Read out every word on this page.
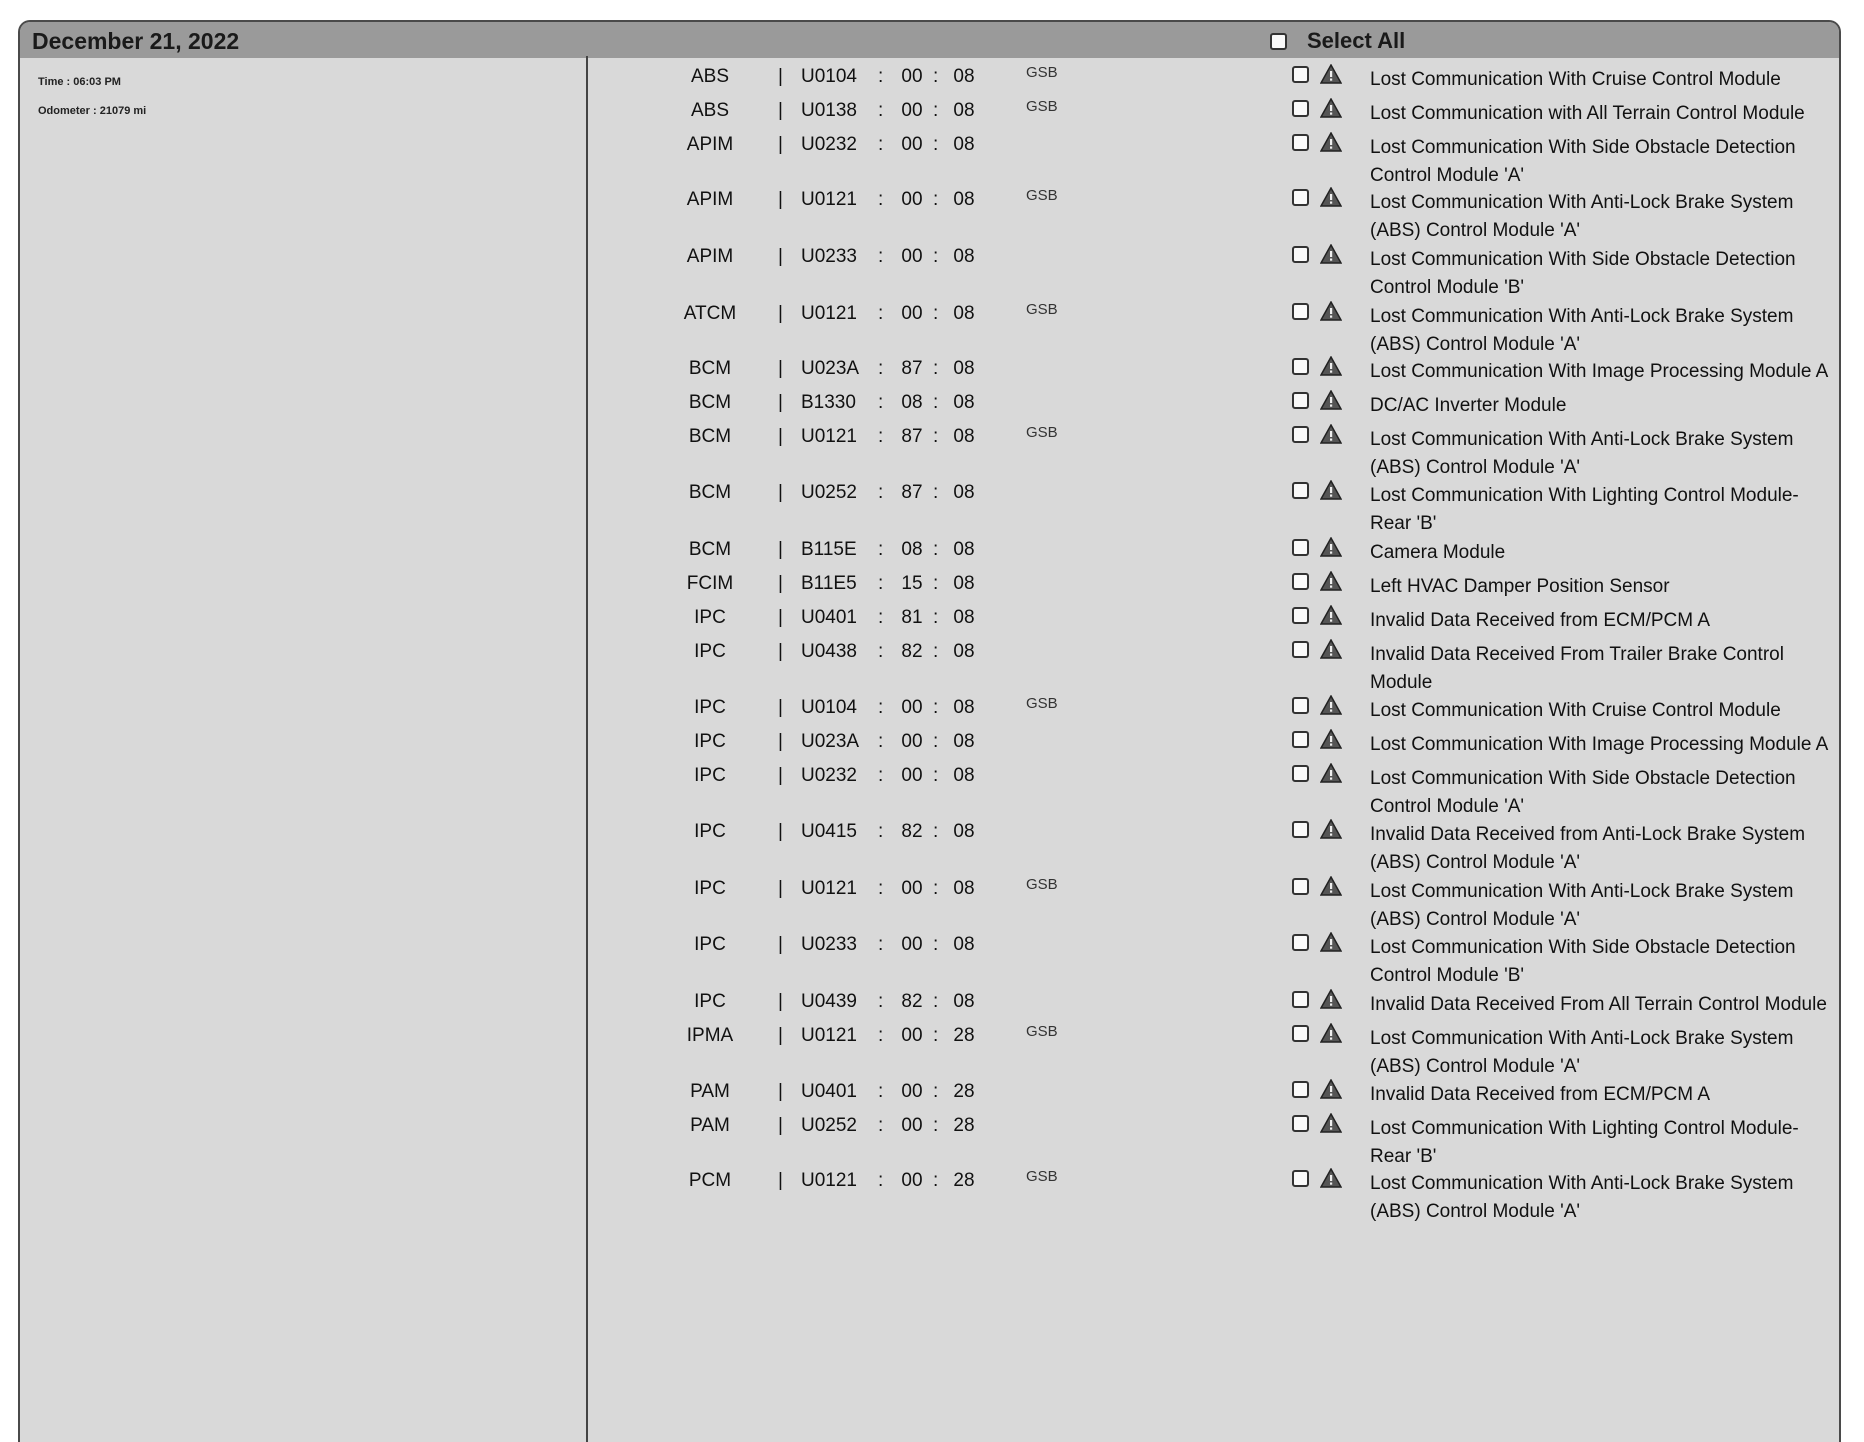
December 21, 2022	Select All
Time : 06:03 PM
Odometer : 21079 mi
ABS	| U0104	: 00 : 08	GSB	Lost Communication With Cruise Control Module
ABS	| U0138	: 00 : 08	GSB	Lost Communication with All Terrain Control Module
APIM	| U0232	: 00 : 08	Lost Communication With Side Obstacle Detection Control Module 'A'
APIM	| U0121	: 00 : 08	GSB	Lost Communication With Anti-Lock Brake System (ABS) Control Module 'A'
APIM	| U0233	: 00 : 08	Lost Communication With Side Obstacle Detection Control Module 'B'
ATCM	| U0121	: 00 : 08	GSB	Lost Communication With Anti-Lock Brake System (ABS) Control Module 'A'
BCM	| U023A : 87 : 08	Lost Communication With Image Processing Module A
BCM	| B1330	: 08 : 08	DC/AC Inverter Module
BCM	| U0121	: 87 : 08	GSB	Lost Communication With Anti-Lock Brake System (ABS) Control Module 'A'
BCM	| U0252	: 87 : 08	Lost Communication With Lighting Control Module- Rear 'B'
BCM	| B115E	: 08 : 08	Camera Module
FCIM	| B11E5	: 15 : 08	Left HVAC Damper Position Sensor
IPC	| U0401	: 81 : 08	Invalid Data Received from ECM/PCM A
IPC	| U0438	: 82 : 08	Invalid Data Received From Trailer Brake Control Module
IPC	| U0104	: 00 : 08	GSB	Lost Communication With Cruise Control Module
IPC	| U023A : 00 : 08	Lost Communication With Image Processing Module A
IPC	| U0232	: 00 : 08	Lost Communication With Side Obstacle Detection Control Module 'A'
IPC	| U0415	: 82 : 08	Invalid Data Received from Anti-Lock Brake System (ABS) Control Module 'A'
IPC	| U0121	: 00 : 08	GSB	Lost Communication With Anti-Lock Brake System (ABS) Control Module 'A'
IPC	| U0233	: 00 : 08	Lost Communication With Side Obstacle Detection Control Module 'B'
IPC	| U0439	: 82 : 08	Invalid Data Received From All Terrain Control Module
IPMA	| U0121	: 00 : 28	GSB	Lost Communication With Anti-Lock Brake System (ABS) Control Module 'A'
PAM	| U0401	: 00 : 28	Invalid Data Received from ECM/PCM A
PAM	| U0252	: 00 : 28	Lost Communication With Lighting Control Module- Rear 'B'
PCM	| U0121	: 00 : 28	GSB	Lost Communication With Anti-Lock Brake System (ABS) Control Module 'A'
